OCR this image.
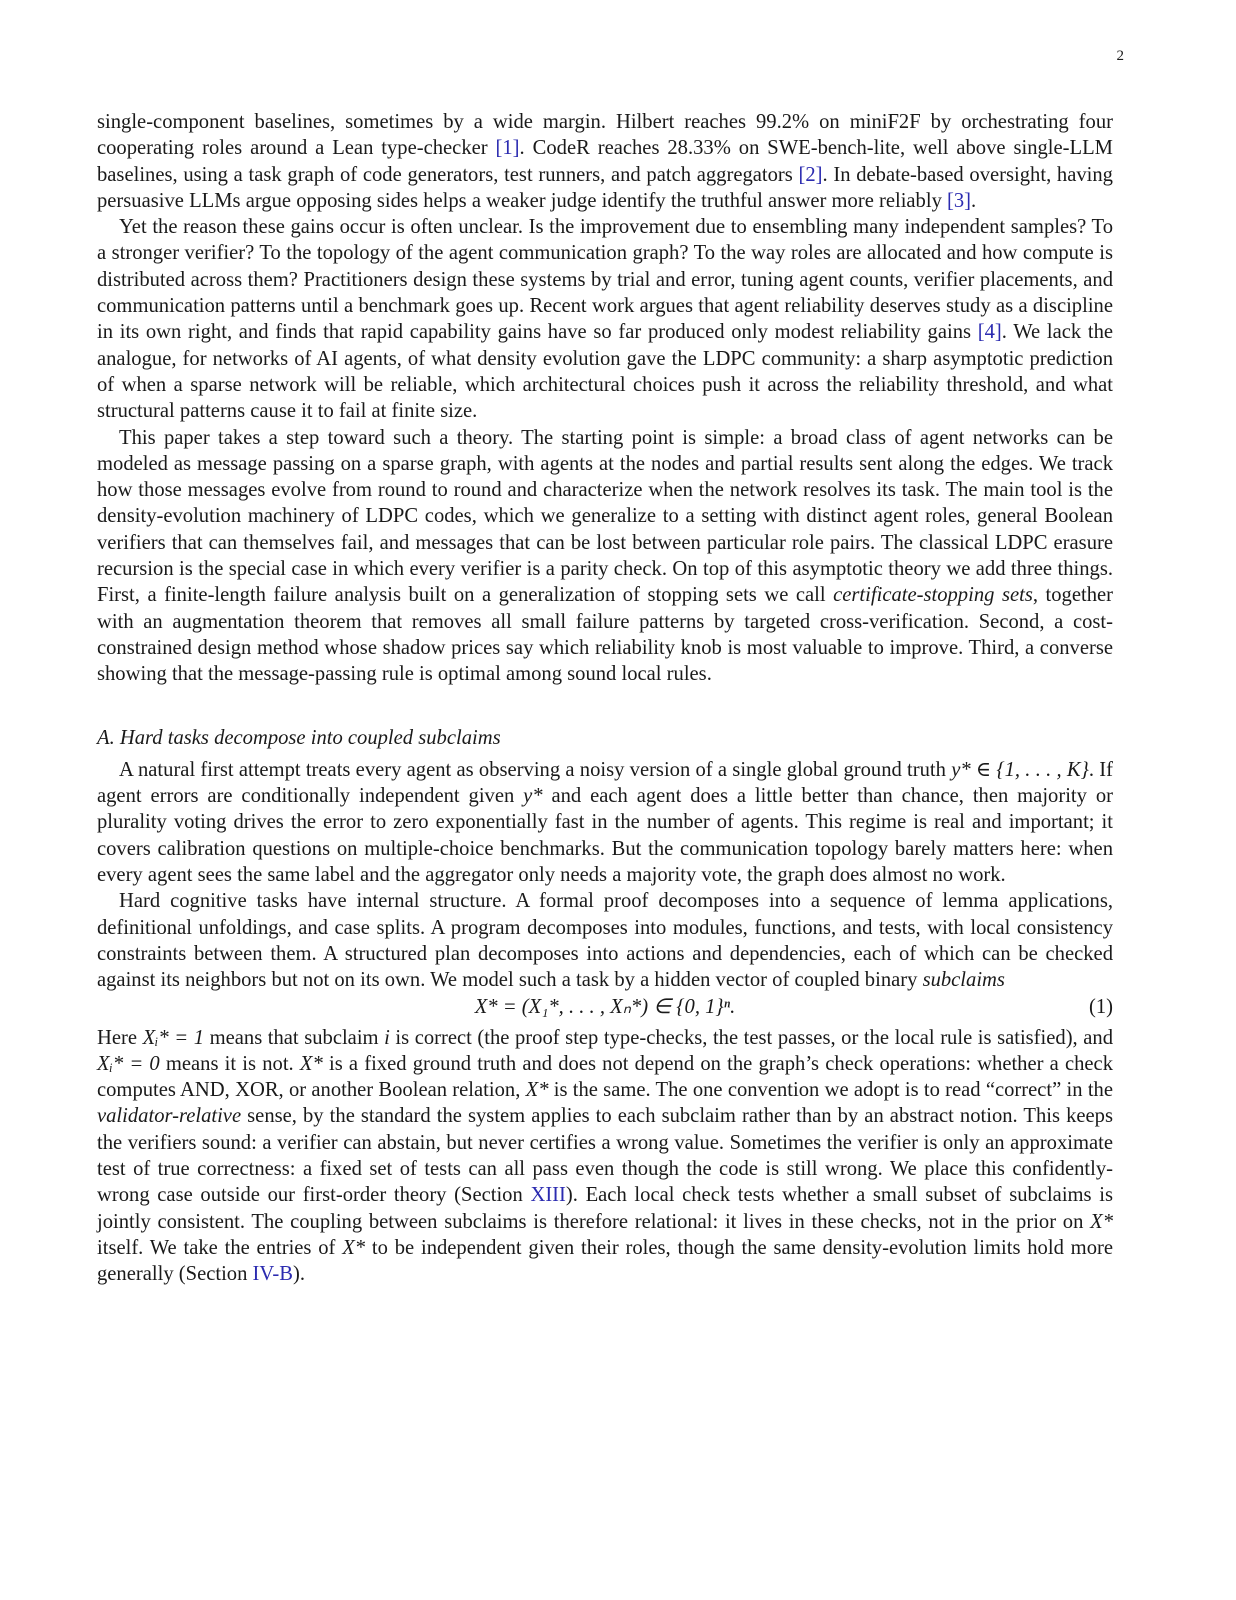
2

single-component baselines, sometimes by a wide margin. Hilbert reaches 99.2% on miniF2F by orchestrating four cooperating roles around a Lean type-checker [1]. CodeR reaches 28.33% on SWE-bench-lite, well above single-LLM baselines, using a task graph of code generators, test runners, and patch aggregators [2]. In debate-based oversight, having persuasive LLMs argue opposing sides helps a weaker judge identify the truthful answer more reliably [3].

Yet the reason these gains occur is often unclear. Is the improvement due to ensembling many independent samples? To a stronger verifier? To the topology of the agent communication graph? To the way roles are allocated and how compute is distributed across them? Practitioners design these systems by trial and error, tuning agent counts, verifier placements, and communication patterns until a benchmark goes up. Recent work argues that agent reliability deserves study as a discipline in its own right, and finds that rapid capability gains have so far produced only modest reliability gains [4]. We lack the analogue, for networks of AI agents, of what density evolution gave the LDPC community: a sharp asymptotic prediction of when a sparse network will be reliable, which architectural choices push it across the reliability threshold, and what structural patterns cause it to fail at finite size.

This paper takes a step toward such a theory. The starting point is simple: a broad class of agent networks can be modeled as message passing on a sparse graph, with agents at the nodes and partial results sent along the edges. We track how those messages evolve from round to round and characterize when the network resolves its task. The main tool is the density-evolution machinery of LDPC codes, which we generalize to a setting with distinct agent roles, general Boolean verifiers that can themselves fail, and messages that can be lost between particular role pairs. The classical LDPC erasure recursion is the special case in which every verifier is a parity check. On top of this asymptotic theory we add three things. First, a finite-length failure analysis built on a generalization of stopping sets we call certificate-stopping sets, together with an augmentation theorem that removes all small failure patterns by targeted cross-verification. Second, a cost-constrained design method whose shadow prices say which reliability knob is most valuable to improve. Third, a converse showing that the message-passing rule is optimal among sound local rules.

A. Hard tasks decompose into coupled subclaims

A natural first attempt treats every agent as observing a noisy version of a single global ground truth y* ∈ {1, . . . , K}. If agent errors are conditionally independent given y* and each agent does a little better than chance, then majority or plurality voting drives the error to zero exponentially fast in the number of agents. This regime is real and important; it covers calibration questions on multiple-choice benchmarks. But the communication topology barely matters here: when every agent sees the same label and the aggregator only needs a majority vote, the graph does almost no work.

Hard cognitive tasks have internal structure. A formal proof decomposes into a sequence of lemma applications, definitional unfoldings, and case splits. A program decomposes into modules, functions, and tests, with local consistency constraints between them. A structured plan decomposes into actions and dependencies, each of which can be checked against its neighbors but not on its own. We model such a task by a hidden vector of coupled binary subclaims

X* = (X₁*, . . . , Xₙ*) ∈ {0, 1}ⁿ.	(1)

Here Xᵢ* = 1 means that subclaim i is correct (the proof step type-checks, the test passes, or the local rule is satisfied), and Xᵢ* = 0 means it is not. X* is a fixed ground truth and does not depend on the graph’s check operations: whether a check computes AND, XOR, or another Boolean relation, X* is the same. The one convention we adopt is to read “correct” in the validator-relative sense, by the standard the system applies to each subclaim rather than by an abstract notion. This keeps the verifiers sound: a verifier can abstain, but never certifies a wrong value. Sometimes the verifier is only an approximate test of true correctness: a fixed set of tests can all pass even though the code is still wrong. We place this confidently-wrong case outside our first-order theory (Section XIII). Each local check tests whether a small subset of subclaims is jointly consistent. The coupling between subclaims is therefore relational: it lives in these checks, not in the prior on X* itself. We take the entries of X* to be independent given their roles, though the same density-evolution limits hold more generally (Section IV-B).
